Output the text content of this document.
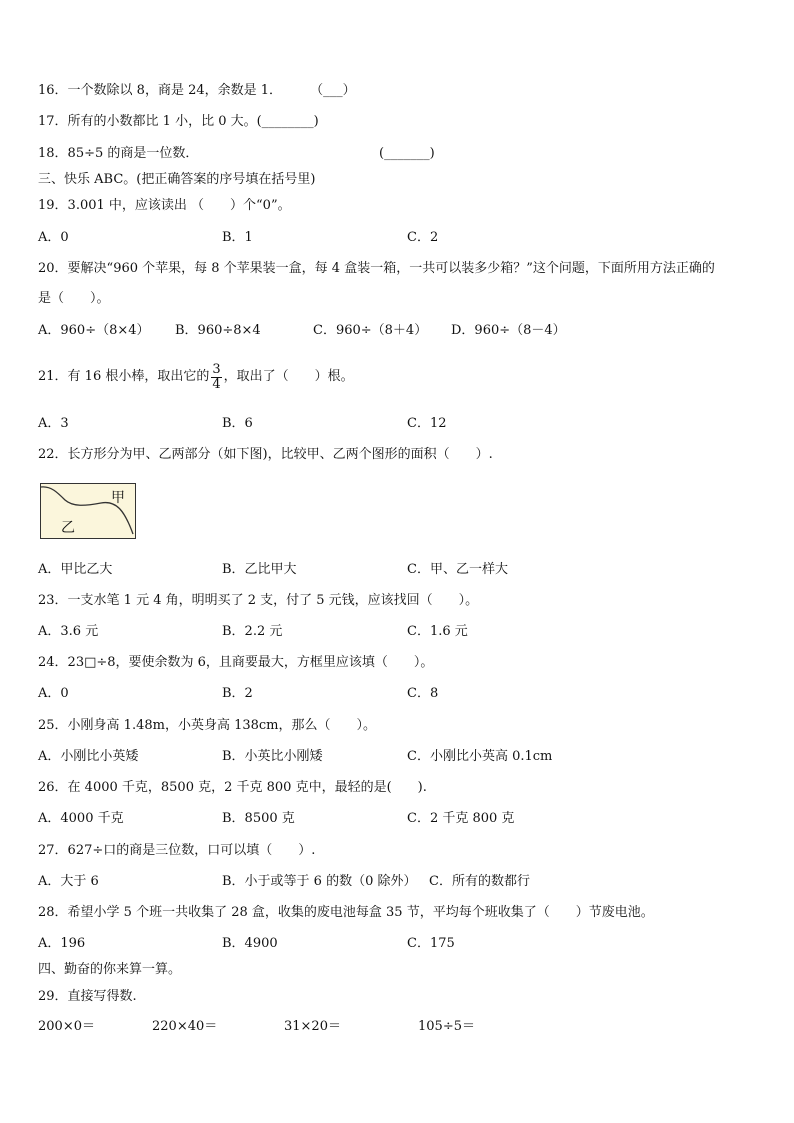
16．一个数除以 8，商是 24，余数是 1． （___）
17．所有的小数都比 1 小，比 0 大。(________)
18．85÷5 的商是一位数．	(_______)
三、快乐 ABC。(把正确答案的序号填在括号里)
19．3.001 中，应该读出 （　　）个“0”。
A．0	B．1	C．2
20．要解决“960 个苹果，每 8 个苹果装一盒，每 4 盒装一箱，一共可以装多少箱？”这个问题，下面所用方法正确的
是（　　）。
A．960÷（8×4） B．960÷8×4	C．960÷（8＋4） D．960÷（8－4）
21．有 16 根小棒，取出它的 $\frac{3}{4}$ ，取出了（　　）根。
A．3	B．6	C．12
22．长方形分为甲、乙两部分（如下图)，比较甲、乙两个图形的面积（　　）.
甲
乙
A．甲比乙大	B．乙比甲大	C．甲、乙一样大
23．一支水笔 1 元 4 角，明明买了 2 支，付了 5 元钱，应该找回（　　）。
A．3.6 元	B．2.2 元	C．1.6 元
24．23□÷8，要使余数为 6，且商要最大，方框里应该填（　　）。
A．0	B．2	C．8
25．小刚身高 1.48m，小英身高 138cm，那么（　　）。
A．小刚比小英矮	B．小英比小刚矮	C．小刚比小英高 0.1cm
26．在 4000 千克，8500 克，2 千克 800 克中，最轻的是(　　).
A．4000 千克	B．8500 克	C．2 千克 800 克
27．627÷口的商是三位数，口可以填（　　）.
A．大于 6	B．小于或等于 6 的数（0 除外） C．所有的数都行
28．希望小学 5 个班一共收集了 28 盒，收集的废电池每盒 35 节，平均每个班收集了（　　）节废电池。
A．196	B．4900	C．175
四、勤奋的你来算一算。
29．直接写得数.
200×0＝	220×40＝	31×20＝	105÷5＝
